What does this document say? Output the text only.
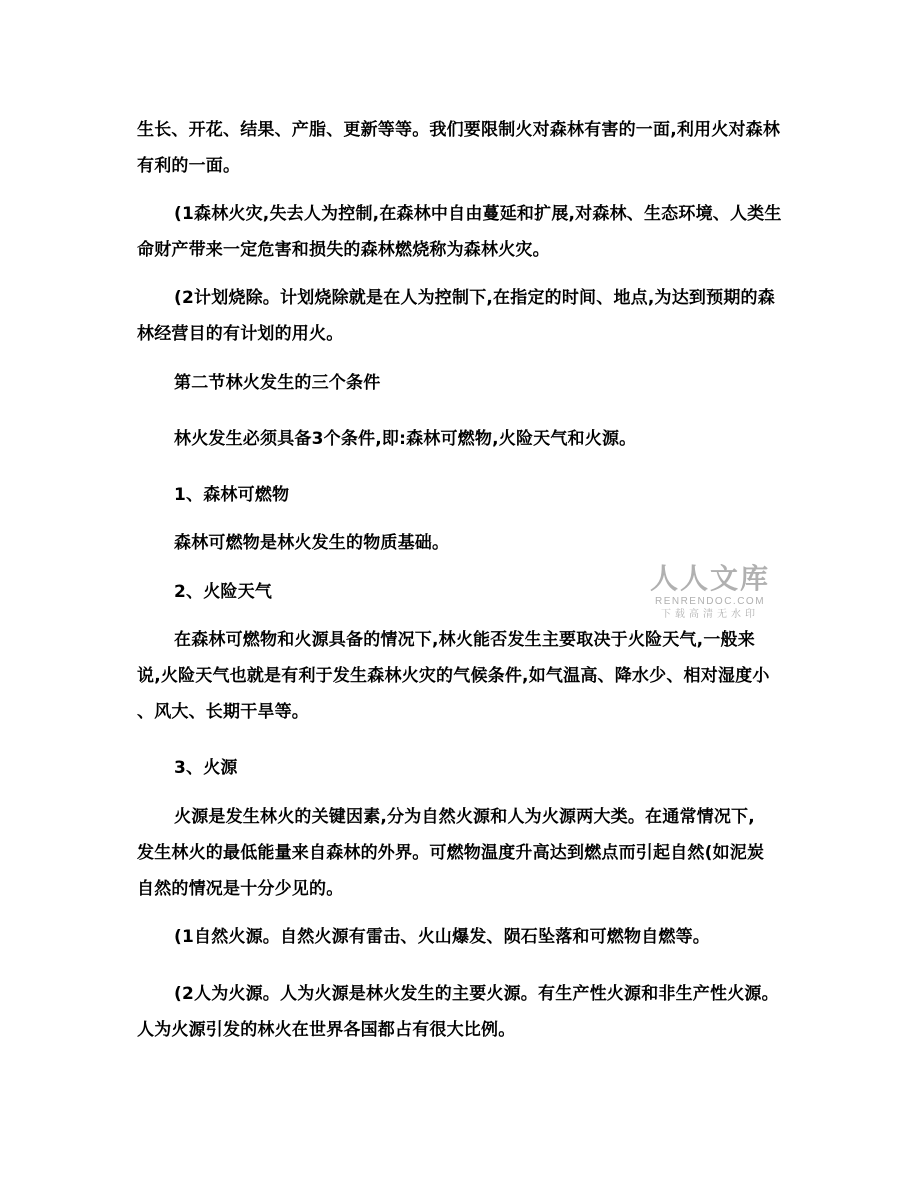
生长、开花、结果、产脂、更新等等。我们要限制火对森林有害的一面,利用火对森林
有利的一面。
(1森林火灾,失去人为控制,在森林中自由蔓延和扩展,对森林、生态环境、人类生
命财产带来一定危害和损失的森林燃烧称为森林火灾。
(2计划烧除。计划烧除就是在人为控制下,在指定的时间、地点,为达到预期的森
林经营目的有计划的用火。
第二节林火发生的三个条件
林火发生必须具备3个条件,即:森林可燃物,火险天气和火源。
1、森林可燃物
森林可燃物是林火发生的物质基础。
2、火险天气
在森林可燃物和火源具备的情况下,林火能否发生主要取决于火险天气,一般来
说,火险天气也就是有利于发生森林火灾的气候条件,如气温高、降水少、相对湿度小
、风大、长期干旱等。
3、火源
火源是发生林火的关键因素,分为自然火源和人为火源两大类。在通常情况下,
发生林火的最低能量来自森林的外界。可燃物温度升高达到燃点而引起自然(如泥炭
自然的情况是十分少见的。
(1自然火源。自然火源有雷击、火山爆发、陨石坠落和可燃物自燃等。
(2人为火源。人为火源是林火发生的主要火源。有生产性火源和非生产性火源。
人为火源引发的林火在世界各国都占有很大比例。
人人文库
RENRENDOC.COM
下载高清无水印
